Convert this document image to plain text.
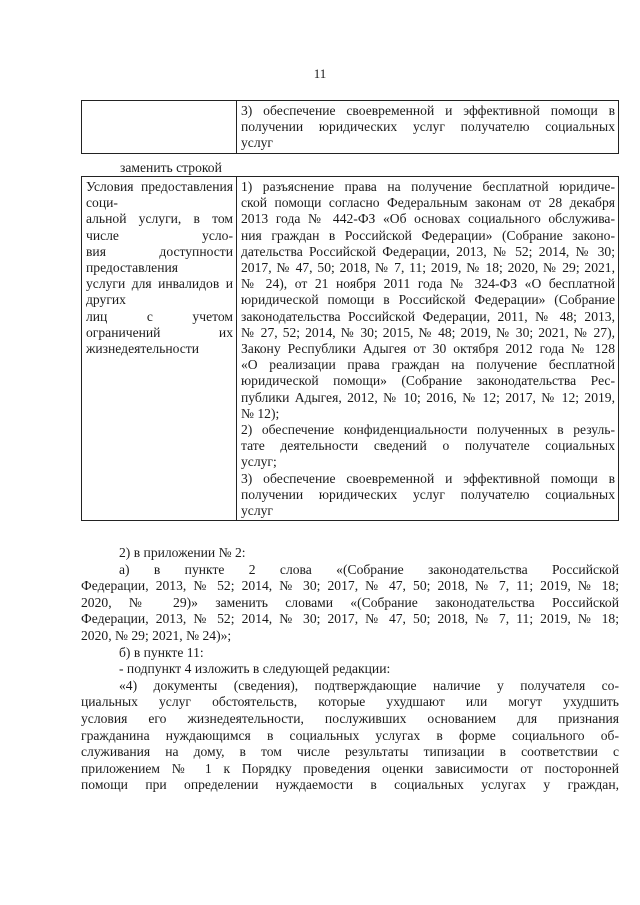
11

3) обеспечение своевременной и эффективной помощи в
получении юридических услуг получателю социальных
услуг
заменить строкой
Условия предоставления соци-
альной услуги, в том числе усло-
вия доступности предоставления
услуги для инвалидов и других
лиц с учетом ограничений их
жизнедеятельности

1) разъяснение права на получение бесплатной юридиче-
ской помощи согласно Федеральным законам от 28 декабря
2013 года № 442-ФЗ «Об основах социального обслужива-
ния граждан в Российской Федерации» (Собрание законо-
дательства Российской Федерации, 2013, № 52; 2014, № 30;
2017, № 47, 50; 2018, № 7, 11; 2019, № 18; 2020, № 29; 2021,
№ 24), от 21 ноября 2011 года № 324-ФЗ «О бесплатной
юридической помощи в Российской Федерации» (Собрание
законодательства Российской Федерации, 2011, № 48; 2013,
№ 27, 52; 2014, № 30; 2015, № 48; 2019, № 30; 2021, № 27),
Закону Республики Адыгея от 30 октября 2012 года № 128
«О реализации права граждан на получение бесплатной
юридической помощи» (Собрание законодательства Рес-
публики Адыгея, 2012, № 10; 2016, № 12; 2017, № 12; 2019,
№ 12);
2) обеспечение конфиденциальности полученных в резуль-
тате деятельности сведений о получателе социальных
услуг;
3) обеспечение своевременной и эффективной помощи в
получении юридических услуг получателю социальных
услуг

2) в приложении № 2:

а) в пункте 2 слова «(Собрание законодательства Российской

Федерации, 2013, № 52; 2014, № 30; 2017, № 47, 50; 2018, № 7, 11; 2019, № 18;

2020, № 29)» заменить словами «(Собрание законодательства Российской

Федерации, 2013, № 52; 2014, № 30; 2017, № 47, 50; 2018, № 7, 11; 2019, № 18;

2020, № 29; 2021, № 24)»;

б) в пункте 11:

- подпункт 4 изложить в следующей редакции:

«4) документы (сведения), подтверждающие наличие у получателя со-

циальных услуг обстоятельств, которые ухудшают или могут ухудшить

условия его жизнедеятельности, послуживших основанием для признания

гражданина нуждающимся в социальных услугах в форме социального об-

служивания на дому, в том числе результаты типизации в соответствии с

приложением № 1 к Порядку проведения оценки зависимости от посторонней

помощи при определении нуждаемости в социальных услугах у граждан,
